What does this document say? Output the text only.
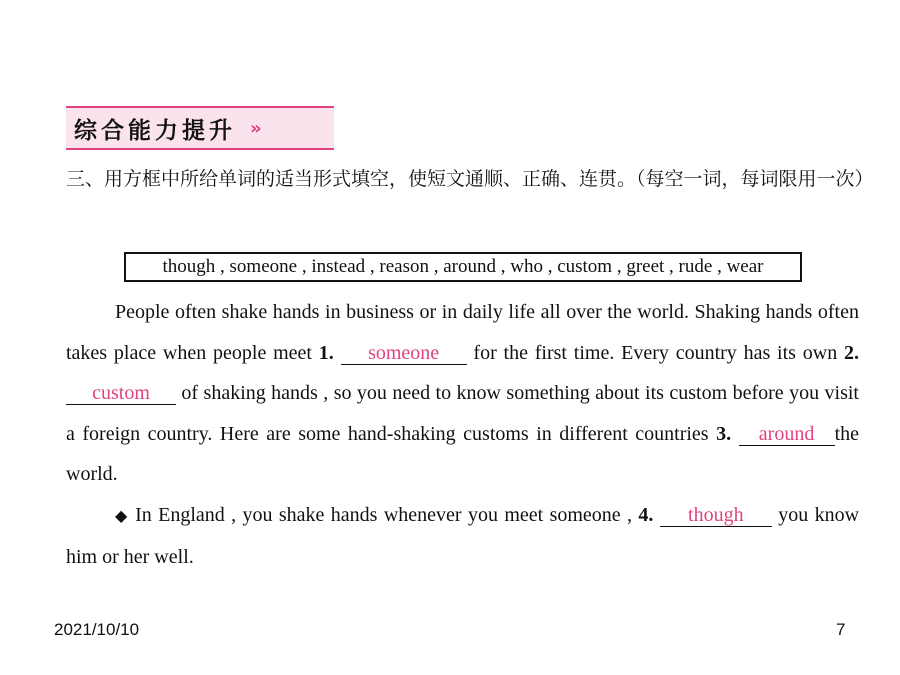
综合能力提升 »
三、用方框中所给单词的适当形式填空，使短文通顺、正确、连贯。（每空一词，每词限用一次）
though , someone , instead , reason , around , who , custom , greet , rude , wear

People often shake hands in business or in daily life all over the world. Shaking hands often takes place when people meet 1. someone for the first time. Every country has its own 2. custom of shaking hands , so you need to know something about its custom before you visit a foreign country. Here are some hand-shaking customs in different countries 3. around the world.

◆ In England , you shake hands whenever you meet someone , 4. though you know him or her well.

2021/10/10	7
